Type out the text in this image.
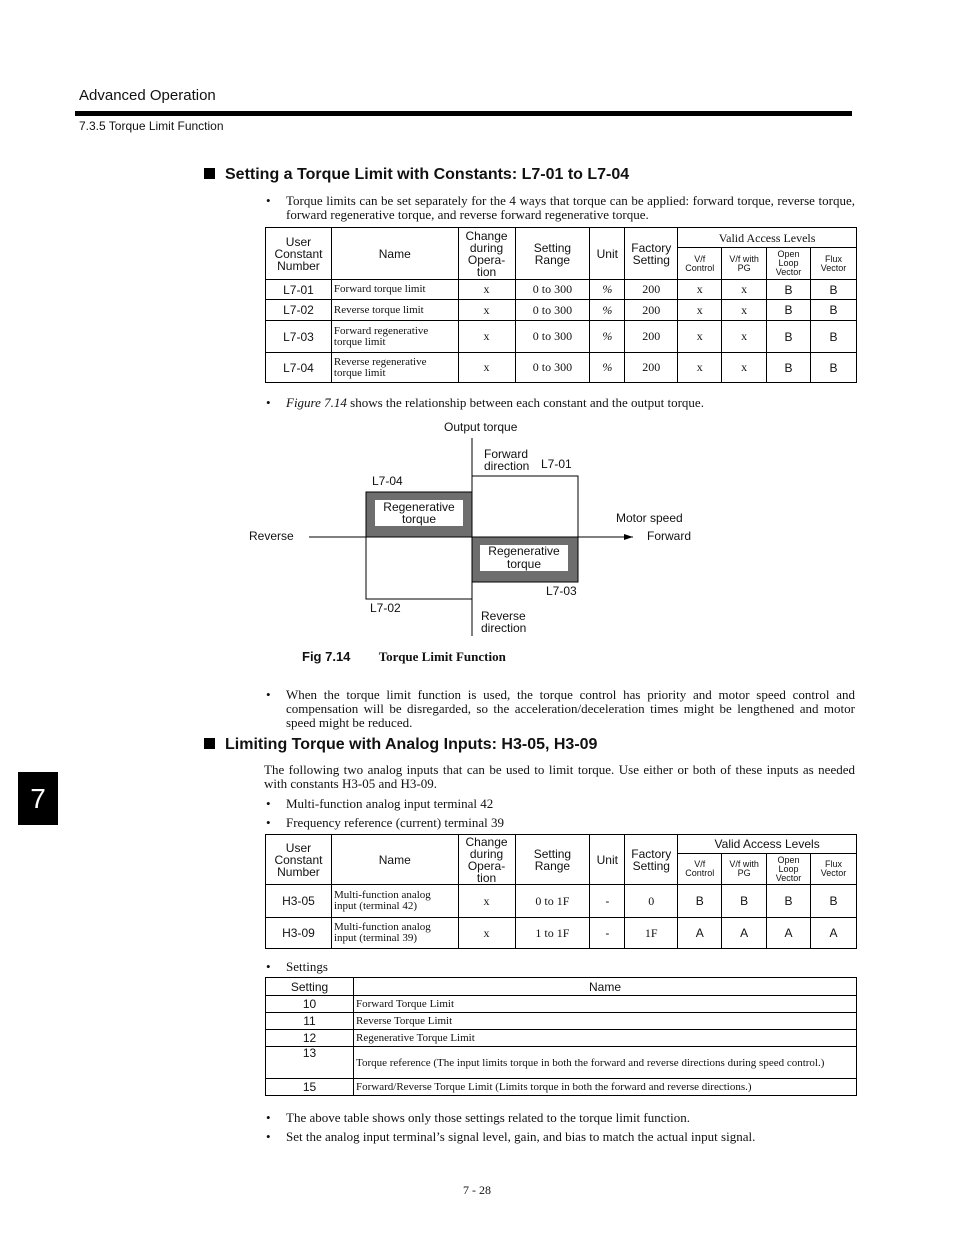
Advanced Operation
7.3.5 Torque Limit Function
Setting a Torque Limit with Constants: L7-01 to L7-04
• Torque limits can be set separately for the 4 ways that torque can be applied: forward torque, reverse torque, forward regenerative torque, and reverse forward regenerative torque.
User Constant Number	Name	Change during Opera-tion	Setting Range	Unit	Factory Setting	Valid Access Levels			
						V/f Control	V/f with PG	Open Loop Vector	Flux Vector
L7-01	Forward torque limit	x	0 to 300	%	200	x	x	B	B
L7-02	Reverse torque limit	x	0 to 300	%	200	x	x	B	B
L7-03	Forward regenerative torque limit	x	0 to 300	%	200	x	x	B	B
L7-04	Reverse regenerative torque limit	x	0 to 300	%	200	x	x	B	B
• Figure 7.14 shows the relationship between each constant and the output torque.
Output torque
Forward
direction L7-01
L7-04
Regenerative
torque	Motor speed
Reverse	Forward
Regenerative
torque
L7-03
L7-02
Reverse
direction
Fig 7.14 Torque Limit Function
• When the torque limit function is used, the torque control has priority and motor speed control and compensation will be disregarded, so the acceleration/deceleration times might be lengthened and motor speed might be reduced.
Limiting Torque with Analog Inputs: H3-05, H3-09
7
The following two analog inputs that can be used to limit torque. Use either or both of these inputs as needed with constants H3-05 and H3-09.
• Multi-function analog input terminal 42
• Frequency reference (current) terminal 39
User Constant Number	Name	Change during Opera-tion	Setting Range	Unit	Factory Setting	Valid Access Levels			
						V/f Control	V/f with PG	Open Loop Vector	Flux Vector
H3-05	Multi-function analog input (terminal 42)	x	0 to 1F	-	0	B	B	B	B
H3-09	Multi-function analog input (terminal 39)	x	1 to 1F	-	1F	A	A	A	A
• Settings
Setting	Name
10	Forward Torque Limit
11	Reverse Torque Limit
12	Regenerative Torque Limit
13	Torque reference (The input limits torque in both the forward and reverse directions during speed control.)
15	Forward/Reverse Torque Limit (Limits torque in both the forward and reverse directions.)
• The above table shows only those settings related to the torque limit function.
• Set the analog input terminal’s signal level, gain, and bias to match the actual input signal.
7 - 28
